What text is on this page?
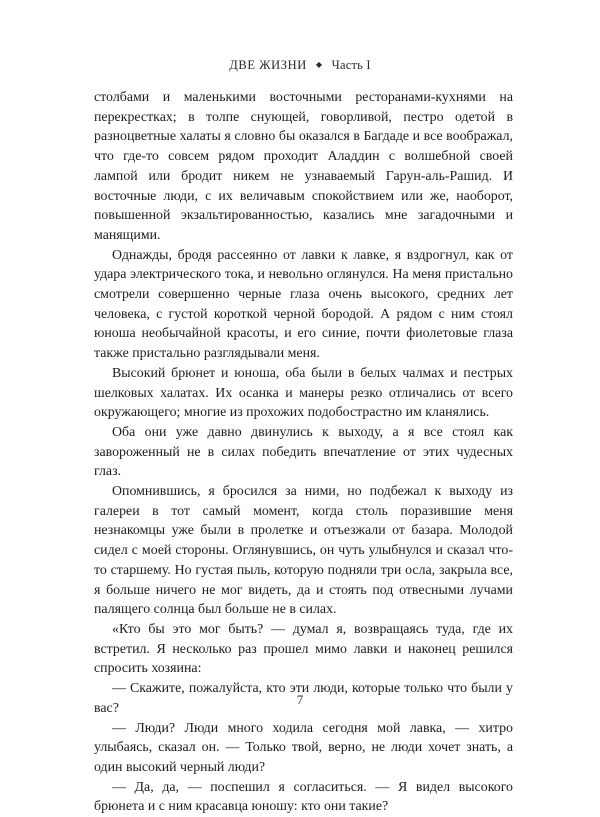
ДВЕ ЖИЗНИ ◆ Часть I

столбами и маленькими восточными ресторанами-кухнями на перекрестках; в толпе снующей, говорливой, пестро одетой в разноцветные халаты я словно бы оказался в Багдаде и все воображал, что где-то совсем рядом проходит Аладдин с волшебной своей лампой или бродит никем не узнаваемый Гарун-аль-Рашид. И восточные люди, с их величавым спокойствием или же, наоборот, повышенной экзальтированностью, казались мне загадочными и манящими.

Однажды, бродя рассеянно от лавки к лавке, я вздрогнул, как от удара электрического тока, и невольно оглянулся. На меня пристально смотрели совершенно черные глаза очень высокого, средних лет человека, с густой короткой черной бородой. А рядом с ним стоял юноша необычайной красоты, и его синие, почти фиолетовые глаза также пристально разглядывали меня.

Высокий брюнет и юноша, оба были в белых чалмах и пестрых шелковых халатах. Их осанка и манеры резко отличались от всего окружающего; многие из прохожих подобострастно им кланялись.

Оба они уже давно двинулись к выходу, а я все стоял как завороженный не в силах победить впечатление от этих чудесных глаз.

Опомнившись, я бросился за ними, но подбежал к выходу из галереи в тот самый момент, когда столь поразившие меня незнакомцы уже были в пролетке и отъезжали от базара. Молодой сидел с моей стороны. Оглянувшись, он чуть улыбнулся и сказал что-то старшему. Но густая пыль, которую подняли три осла, закрыла все, я больше ничего не мог видеть, да и стоять под отвесными лучами палящего солнца был больше не в силах.

«Кто бы это мог быть? — думал я, возвращаясь туда, где их встретил. Я несколько раз прошел мимо лавки и наконец решился спросить хозяина:

— Скажите, пожалуйста, кто эти люди, которые только что были у вас?

— Люди? Люди много ходила сегодня мой лавка, — хитро улыбаясь, сказал он. — Только твой, верно, не люди хочет знать, а один высокий черный люди?

— Да, да, — поспешил я согласиться. — Я видел высокого брюнета и с ним красавца юношу: кто они такие?

7
